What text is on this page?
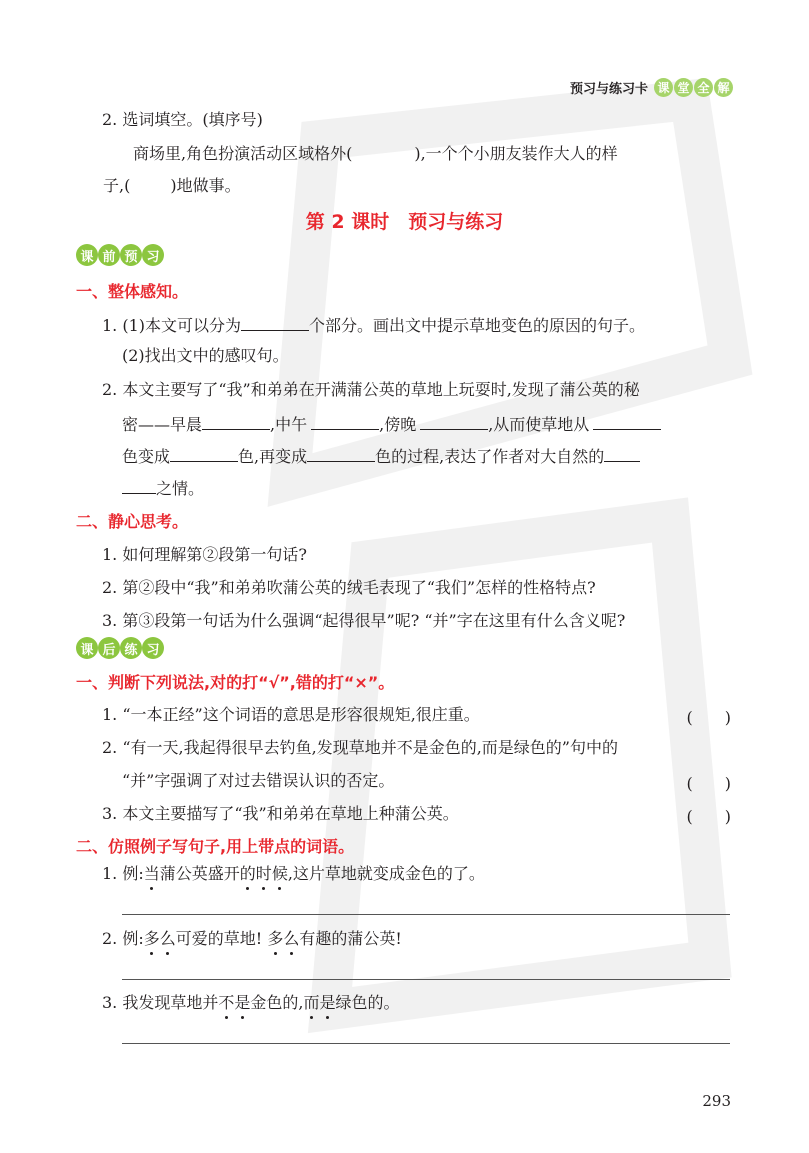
预习与练习卡 课 堂 全 解
2. 选词填空。(填序号)
商场里,角色扮演活动区域格外(	),一个个小朋友装作大人的样
子,(	)地做事。
第 2 课时　预习与练习
课 前 预 习
一、整体感知。
1. (1)本文可以分为	个部分。画出文中提示草地变色的原因的句子。
(2)找出文中的感叹句。
2. 本文主要写了“我”和弟弟在开满蒲公英的草地上玩耍时,发现了蒲公英的秘
密——早晨	,中午	,傍晚	,从而使草地从
色变成	色,再变成	色的过程,表达了作者对大自然的
之情。
二、静心思考。
1. 如何理解第②段第一句话?
2. 第②段中“我”和弟弟吹蒲公英的绒毛表现了“我们”怎样的性格特点?
3. 第③段第一句话为什么强调“起得很早”呢? “并”字在这里有什么含义呢?
课 后 练 习
一、判断下列说法,对的打“√”,错的打“×”。
1. “一本正经”这个词语的意思是形容很规矩,很庄重。	(　　)
2. “有一天,我起得很早去钓鱼,发现草地并不是金色的,而是绿色的”句中的
“并”字强调了对过去错误认识的否定。	(　　)
3. 本文主要描写了“我”和弟弟在草地上种蒲公英。	(　　)
二、仿照例子写句子,用上带点的词语。
1. 例:当蒲公英盛开的时候,这片草地就变成金色的了。
2. 例:多么可爱的草地! 多么有趣的蒲公英!
3. 我发现草地并不是金色的,而是绿色的。
293
